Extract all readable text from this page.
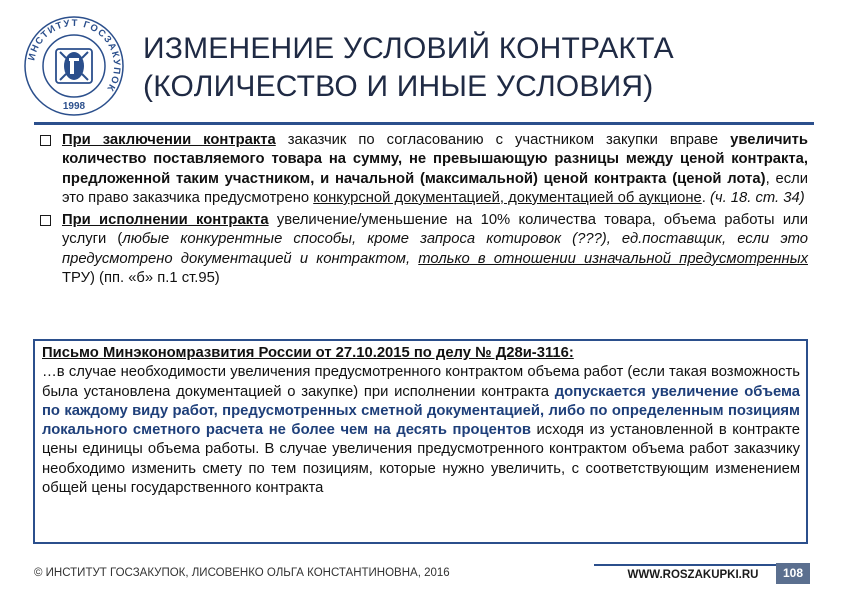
ИНСТИТУТ ГОСЗАКУПОК
1998
ИЗМЕНЕНИЕ УСЛОВИЙ КОНТРАКТА
(КОЛИЧЕСТВО И ИНЫЕ УСЛОВИЯ)
При заключении контракта заказчик по согласованию с участником закупки вправе увеличить количество поставляемого товара на сумму, не превышающую разницы между ценой контракта, предложенной таким участником, и начальной (максимальной) ценой контракта (ценой лота), если это право заказчика предусмотрено конкурсной документацией, документацией об аукционе. (ч. 18. ст. 34)
При исполнении контракта увеличение/уменьшение на 10% количества товара, объема работы или услуги (любые конкурентные способы, кроме запроса котировок (???), ед.поставщик, если это предусмотрено документацией и контрактом, только в отношении изначальной предусмотренных ТРУ) (пп. «б» п.1 ст.95)
Письмо Минэкономразвития России от 27.10.2015 по делу № Д28и-3116:
…в случае необходимости увеличения предусмотренного контрактом объема работ (если такая возможность была установлена документацией о закупке) при исполнении контракта допускается увеличение объема по каждому виду работ, предусмотренных сметной документацией, либо по определенным позициям локального сметного расчета не более чем на десять процентов исходя из установленной в контракте цены единицы объема работы. В случае увеличения предусмотренного контрактом объема работ заказчику необходимо изменить смету по тем позициям, которые нужно увеличить, с соответствующим изменением общей цены государственного контракта
© ИНСТИТУТ ГОСЗАКУПОК, ЛИСОВЕНКО ОЛЬГА КОНСТАНТИНОВНА, 2016	WWW.ROSZAKUPKI.RU	108
